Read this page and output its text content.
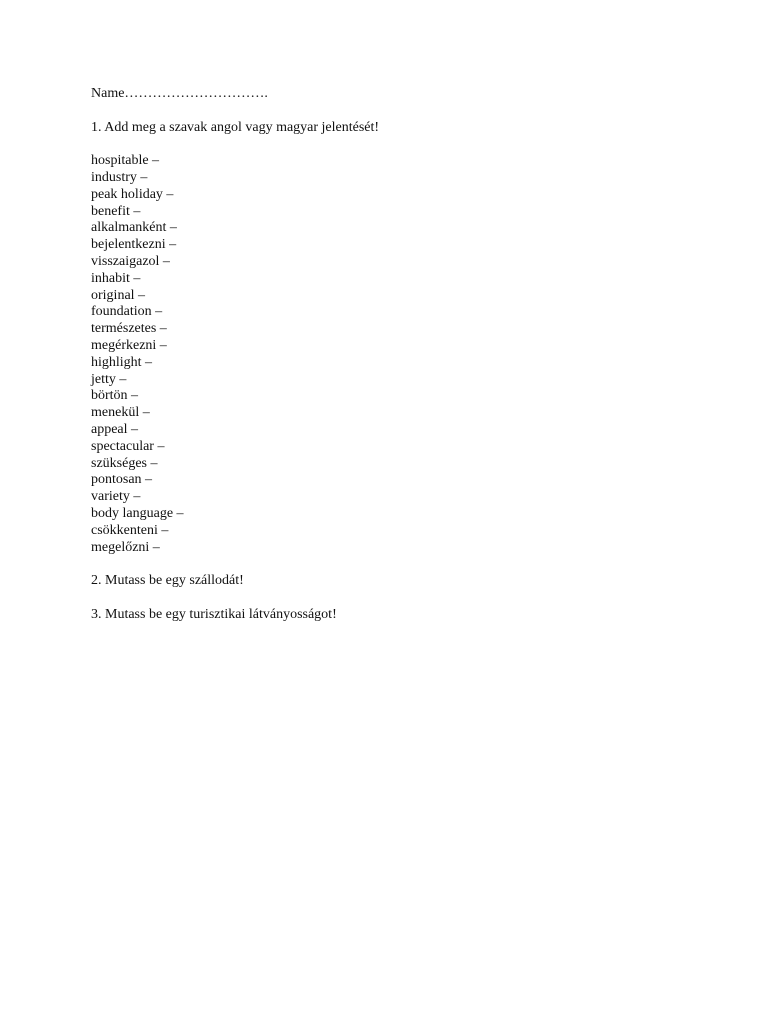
Name………………………….
1. Add meg a szavak angol vagy magyar jelentését!
hospitable –
industry –
peak holiday –
benefit –
alkalmanként –
bejelentkezni –
visszaigazol –
inhabit –
original –
foundation –
természetes –
megérkezni –
highlight –
jetty –
börtön –
menekül –
appeal –
spectacular –
szükséges –
pontosan –
variety –
body language –
csökkenteni –
megelőzni –
2. Mutass be egy szállodát!
3. Mutass be egy turisztikai látványosságot!
